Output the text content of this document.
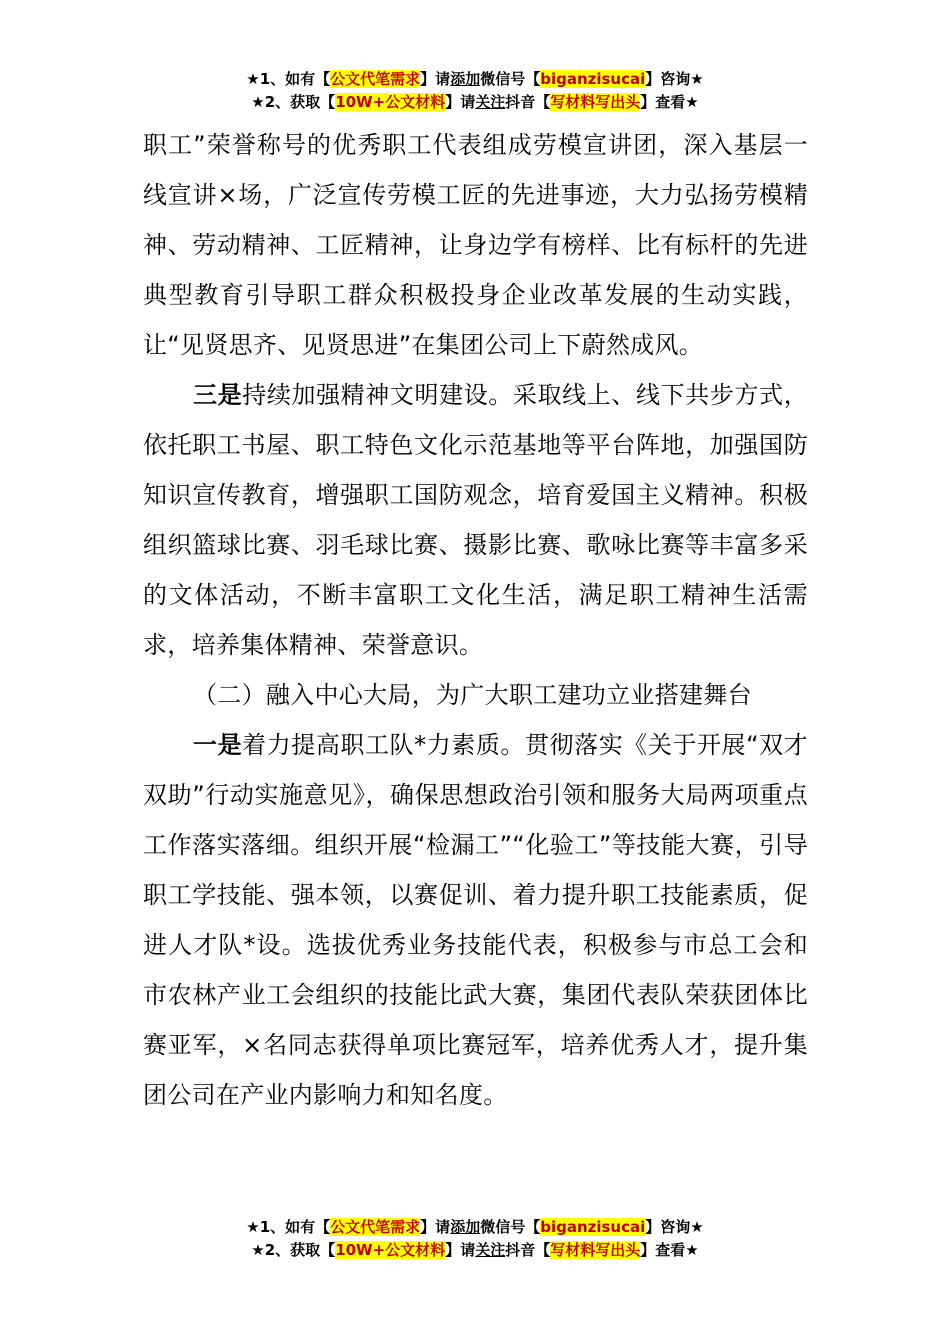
★1、如有【公文代笔需求】请添加微信号【biganzisucai】咨询★
★2、获取【10W+公文材料】请关注抖音【写材料写出头】查看★

职工”荣誉称号的优秀职工代表组成劳模宣讲团，深入基层一线宣讲×场，广泛宣传劳模工匠的先进事迹，大力弘扬劳模精神、劳动精神、工匠精神，让身边学有榜样、比有标杆的先进典型教育引导职工群众积极投身企业改革发展的生动实践，让“见贤思齐、见贤思进”在集团公司上下蔚然成风。

三是持续加强精神文明建设。采取线上、线下共步方式，依托职工书屋、职工特色文化示范基地等平台阵地，加强国防知识宣传教育，增强职工国防观念，培育爱国主义精神。积极组织篮球比赛、羽毛球比赛、摄影比赛、歌咏比赛等丰富多采的文体活动，不断丰富职工文化生活，满足职工精神生活需求，培养集体精神、荣誉意识。

（二）融入中心大局，为广大职工建功立业搭建舞台

一是着力提高职工队*力素质。贯彻落实《关于开展“双才双助”行动实施意见》，确保思想政治引领和服务大局两项重点工作落实落细。组织开展“检漏工”“化验工”等技能大赛，引导职工学技能、强本领，以赛促训、着力提升职工技能素质，促进人才队*设。选拔优秀业务技能代表，积极参与市总工会和市农林产业工会组织的技能比武大赛，集团代表队荣获团体比赛亚军，×名同志获得单项比赛冠军，培养优秀人才，提升集团公司在产业内影响力和知名度。

★1、如有【公文代笔需求】请添加微信号【biganzisucai】咨询★
★2、获取【10W+公文材料】请关注抖音【写材料写出头】查看★
